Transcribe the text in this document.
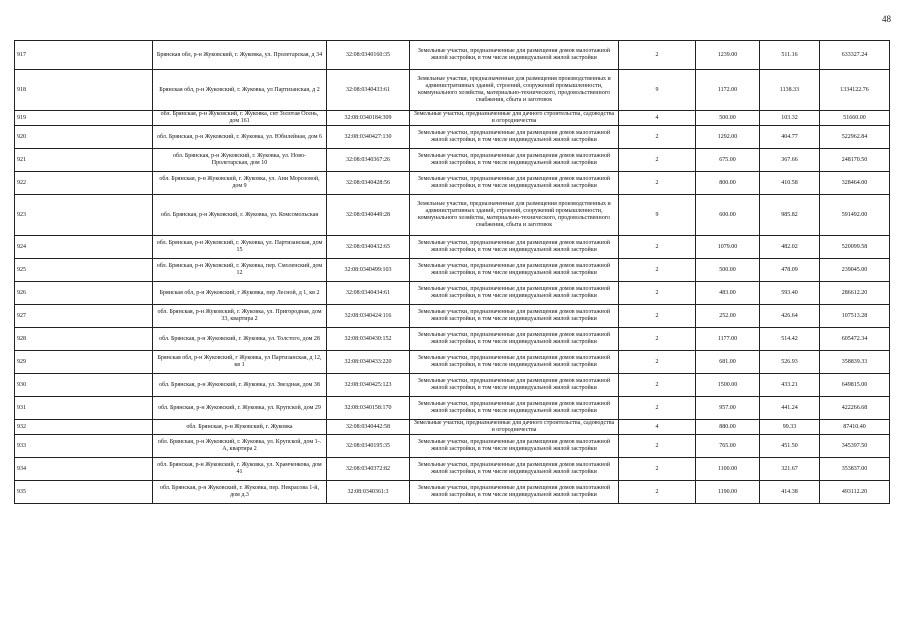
48
917	Брянская обл, р-н Жуковский, г. Жуковка, ул. Пролетарская, д 34	32:08:0340160:35	Земельные участки, предназначенные для размещения домов малоэтажной жилой застройки, в том числе индивидуальной жилой застройки	2	1239.00	511.16	633327.24
918	Брянская обл, р-н Жуковский, г. Жуковка, ул Партизанская, д 2	32:08:0340433:61	Земельные участки, предназначенные для размещения производственных и административных зданий, строений, сооружений промышленности, коммунального хозяйства, материально-технического, продовольственного снабжения, сбыта и заготовок	9	1172.00	1138.33	1334122.76
919	обл. Брянская, р-н Жуковский, г. Жуковка, снт Золотая Осень, дом 161	32:08:0340184:309	Земельные участки, предназначенные для дачного строительства, садоводства и огородничества	4	500.00	103.32	51660.00
920	обл. Брянская, р-н Жуковский, г. Жуковка, ул. Юбилейная, дом 6	32:08:0340427:130	Земельные участки, предназначенные для размещения домов малоэтажной жилой застройки, в том числе индивидуальной жилой застройки	2	1292.00	404.77	522962.84
921	обл. Брянская, р-н Жуковский, г. Жуковка, ул. Ново-Пролетарская, дом 10	32:08:0340367:26	Земельные участки, предназначенные для размещения домов малоэтажной жилой застройки, в том числе индивидуальной жилой застройки	2	675.00	367.66	248170.50
922	обл. Брянская, р-н Жуковский, г. Жуковка, ул. Ани Морозовой, дом 9	32:08:0340428:56	Земельные участки, предназначенные для размещения домов малоэтажной жилой застройки, в том числе индивидуальной жилой застройки	2	800.00	410.58	328464.00
923	обл. Брянская, р-н Жуковский, г. Жуковка, ул. Комсомольская	32:08:0340449:28	Земельные участки, предназначенные для размещения производственных и административных зданий, строений, сооружений промышленности, коммунального хозяйства, материально-технического, продовольственного снабжения, сбыта и заготовок	9	600.00	985.82	591492.00
924	обл. Брянская, р-н Жуковский, г. Жуковка, ул. Партизанская, дом 15	32:08:0340432:65	Земельные участки, предназначенные для размещения домов малоэтажной жилой застройки, в том числе индивидуальной жилой застройки	2	1079.00	482.02	520099.58
925	обл. Брянская, р-н Жуковский, г. Жуковка, пер. Смоленский, дом 12	32:08:0340499:103	Земельные участки, предназначенные для размещения домов малоэтажной жилой застройки, в том числе индивидуальной жилой застройки	2	500.00	478.09	239045.00
926	Брянская обл, р-н Жуковский, г Жуковка, пер Лесной, д 1, кв 2	32:08:0340434:61	Земельные участки, предназначенные для размещения домов малоэтажной жилой застройки, в том числе индивидуальной жилой застройки	2	483.00	593.40	286612.20
927	обл. Брянская, р-н Жуковский, г. Жуковка, ул. Пригородная, дом 33, квартира 2	32:08:0340424:116	Земельные участки, предназначенные для размещения домов малоэтажной жилой застройки, в том числе индивидуальной жилой застройки	2	252.00	426.64	107513.28
928	обл. Брянская, р-н Жуковский, г. Жуковка, ул. Толстого, дом 28	32:08:0340430:152	Земельные участки, предназначенные для размещения домов малоэтажной жилой застройки, в том числе индивидуальной жилой застройки	2	1177.00	514.42	605472.34
929	Брянская обл, р-н Жуковский, г Жуковка, ул Партизанская, д 12, кв 1	32:08:0340433:220	Земельные участки, предназначенные для размещения домов малоэтажной жилой застройки, в том числе индивидуальной жилой застройки	2	681.00	526.93	358839.33
930	обл. Брянская, р-н Жуковский, г. Жуковка, ул. Звездная, дом 38	32:08:0340425:123	Земельные участки, предназначенные для размещения домов малоэтажной жилой застройки, в том числе индивидуальной жилой застройки	2	1500.00	433.21	649815.00
931	обл. Брянская, р-н Жуковский, г. Жуковка, ул. Крупской, дом 29	32:08:0340158:170	Земельные участки, предназначенные для размещения домов малоэтажной жилой застройки, в том числе индивидуальной жилой застройки	2	957.00	441.24	422266.68
932	обл. Брянская, р-н Жуковский, г. Жуковка	32:08:0340442:58	Земельные участки, предназначенные для дачного строительства, садоводства и огородничества	4	880.00	99.33	87410.40
933	обл. Брянская, р-н Жуковский, г. Жуковка, ул. Крупской, дом 1-. А, квартира 2	32:08:0340195:35	Земельные участки, предназначенные для размещения домов малоэтажной жилой застройки, в том числе индивидуальной жилой застройки	2	765.00	451.50	345397.50
934	обл. Брянская, р-н Жуковский, г. Жуковка, ул. Храмченкова, дом 41	32:08:0340372:82	Земельные участки, предназначенные для размещения домов малоэтажной жилой застройки, в том числе индивидуальной жилой застройки	2	1100.00	321.67	353837.00
935	обл. Брянская, р-н Жуковский, г. Жуковка, пер. Некрасова 1-й, дом д.3	32:08:0340361:3	Земельные участки, предназначенные для размещения домов малоэтажной жилой застройки, в том числе индивидуальной жилой застройки	2	1190.00	414.38	493112.20
